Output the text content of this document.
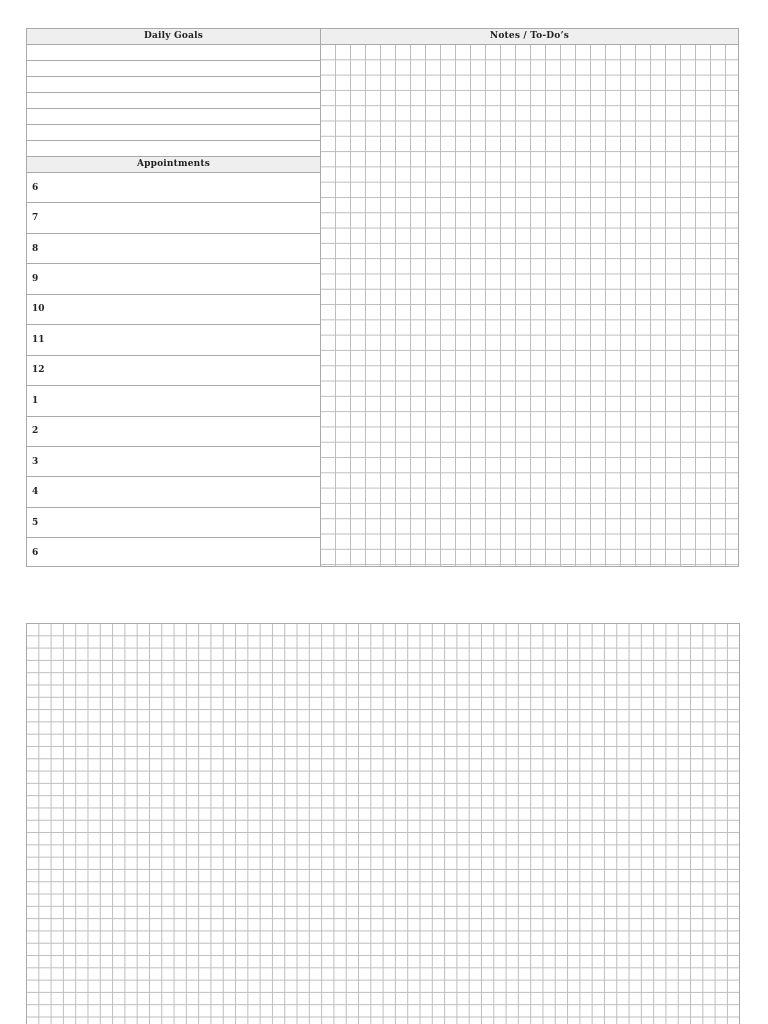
Daily Goals
Appointments
6
7
8
9
10
11
12
1
2
3
4
5
6
Notes / To-Do’s
